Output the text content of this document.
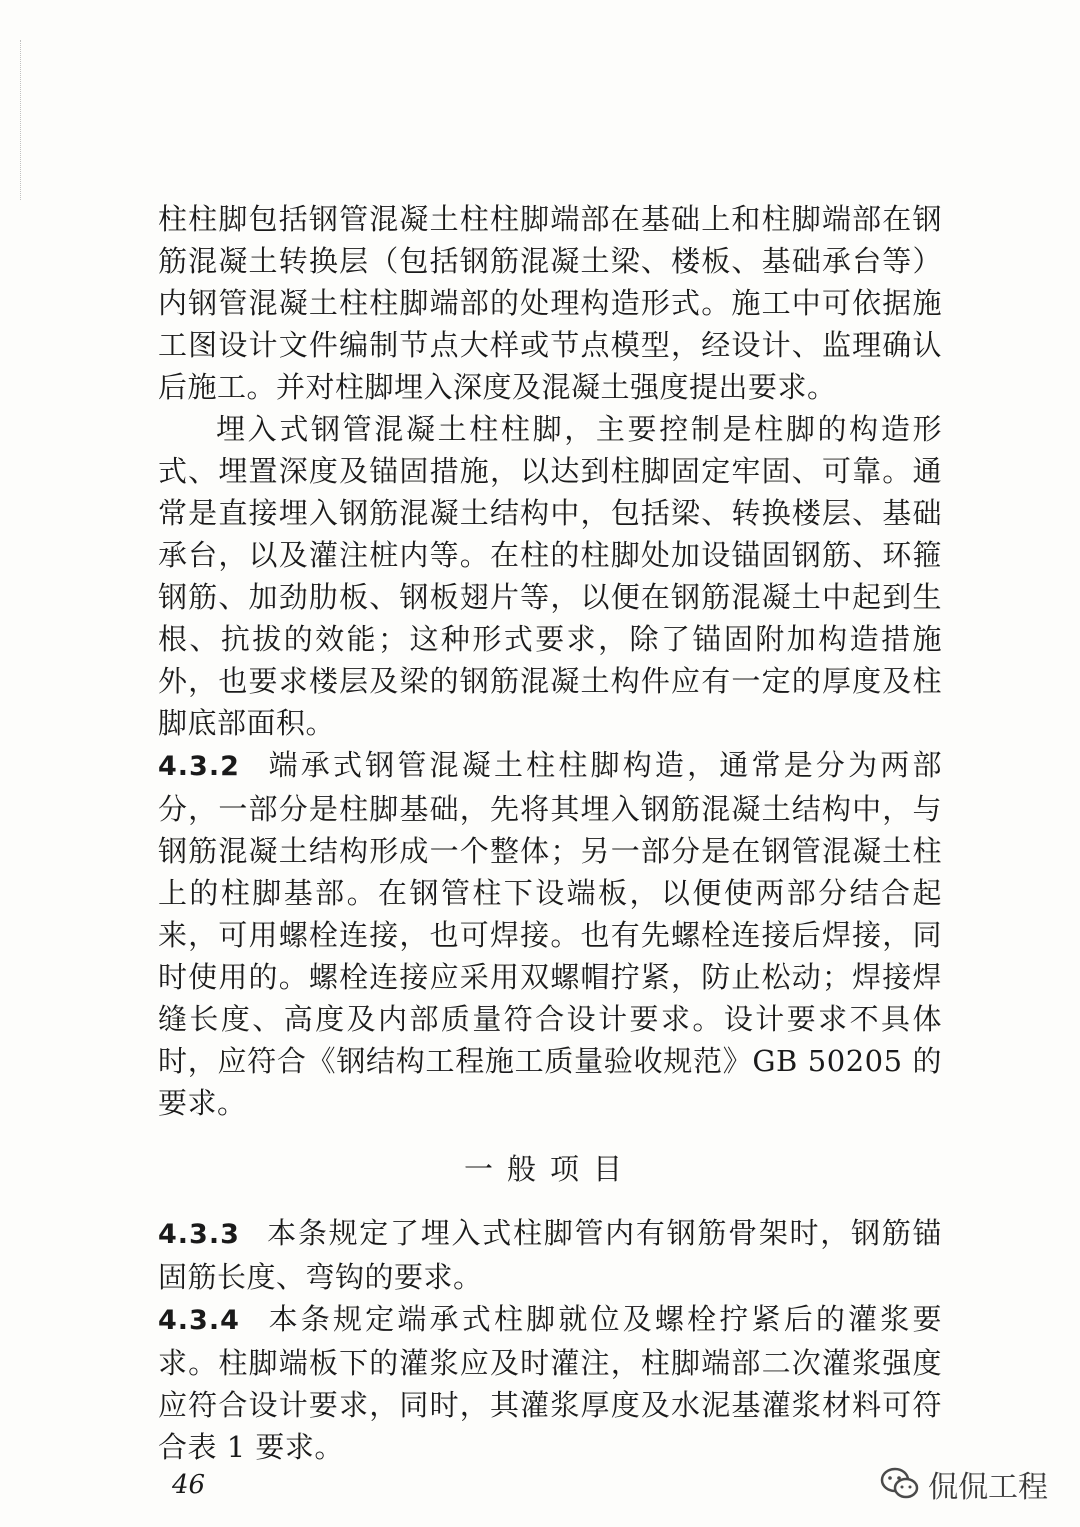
柱柱脚包括钢管混凝土柱柱脚端部在基础上和柱脚端部在钢筋混凝土转换层（包括钢筋混凝土梁、楼板、基础承台等）内钢管混凝土柱柱脚端部的处理构造形式。施工中可依据施工图设计文件编制节点大样或节点模型，经设计、监理确认后施工。并对柱脚埋入深度及混凝土强度提出要求。

埋入式钢管混凝土柱柱脚，主要控制是柱脚的构造形式、埋置深度及锚固措施，以达到柱脚固定牢固、可靠。通常是直接埋入钢筋混凝土结构中，包括梁、转换楼层、基础承台，以及灌注桩内等。在柱的柱脚处加设锚固钢筋、环箍钢筋、加劲肋板、钢板翅片等，以便在钢筋混凝土中起到生根、抗拔的效能；这种形式要求，除了锚固附加构造措施外，也要求楼层及梁的钢筋混凝土构件应有一定的厚度及柱脚底部面积。

4.3.2 端承式钢管混凝土柱柱脚构造，通常是分为两部分，一部分是柱脚基础，先将其埋入钢筋混凝土结构中，与钢筋混凝土结构形成一个整体；另一部分是在钢管混凝土柱上的柱脚基部。在钢管柱下设端板，以便使两部分结合起来，可用螺栓连接，也可焊接。也有先螺栓连接后焊接，同时使用的。螺栓连接应采用双螺帽拧紧，防止松动；焊接焊缝长度、高度及内部质量符合设计要求。设计要求不具体时，应符合《钢结构工程施工质量验收规范》GB 50205 的要求。

一般项目

4.3.3 本条规定了埋入式柱脚管内有钢筋骨架时，钢筋锚固筋长度、弯钩的要求。

4.3.4 本条规定端承式柱脚就位及螺栓拧紧后的灌浆要求。柱脚端板下的灌浆应及时灌注，柱脚端部二次灌浆强度应符合设计要求，同时，其灌浆厚度及水泥基灌浆材料可符合表 1 要求。

46	侃侃工程
